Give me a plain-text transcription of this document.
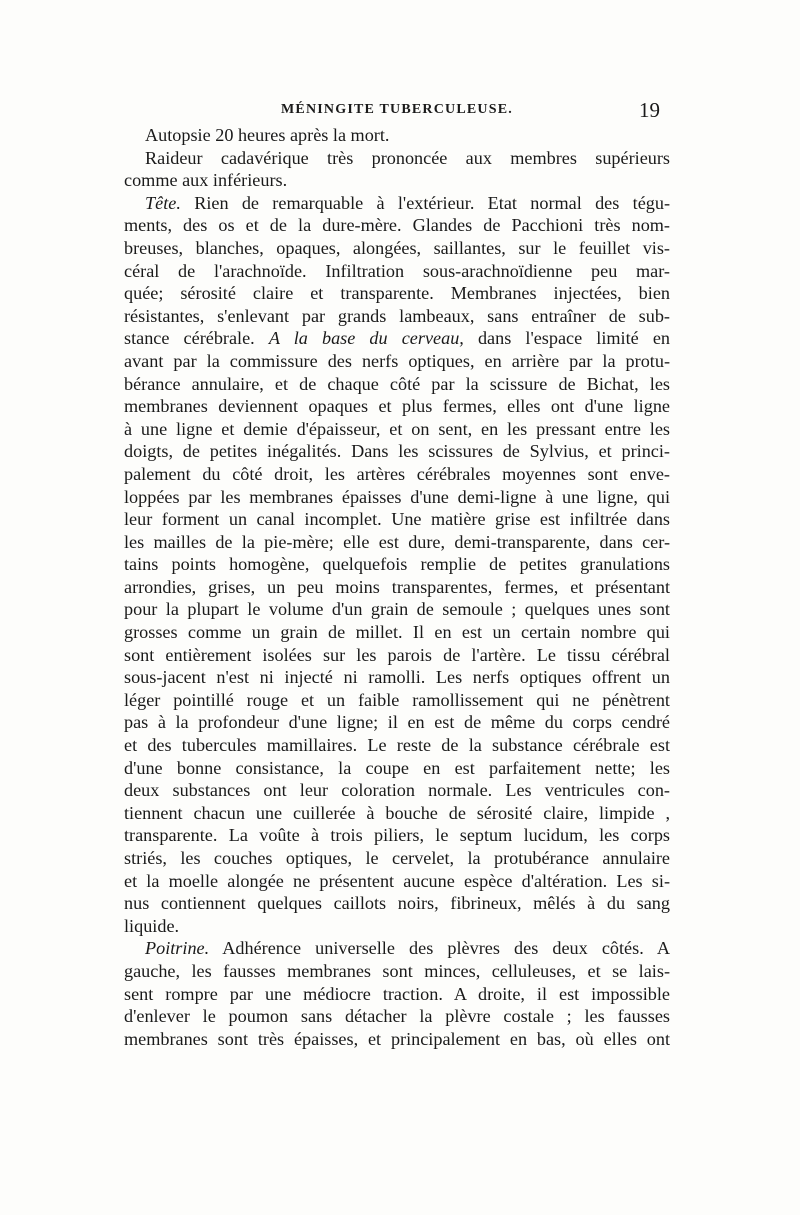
MÉNINGITE TUBERCULEUSE.	19
Autopsie 20 heures après la mort.
Raideur cadavérique très prononcée aux membres supérieurs
comme aux inférieurs.
Tête. Rien de remarquable à l'extérieur. Etat normal des tégu-
ments, des os et de la dure-mère. Glandes de Pacchioni très nom-
breuses, blanches, opaques, alongées, saillantes, sur le feuillet vis-
céral de l'arachnoïde. Infiltration sous-arachnoïdienne peu mar-
quée; sérosité claire et transparente. Membranes injectées, bien
résistantes, s'enlevant par grands lambeaux, sans entraîner de sub-
stance cérébrale. A la base du cerveau, dans l'espace limité en
avant par la commissure des nerfs optiques, en arrière par la protu-
bérance annulaire, et de chaque côté par la scissure de Bichat, les
membranes deviennent opaques et plus fermes, elles ont d'une ligne
à une ligne et demie d'épaisseur, et on sent, en les pressant entre les
doigts, de petites inégalités. Dans les scissures de Sylvius, et princi-
palement du côté droit, les artères cérébrales moyennes sont enve-
loppées par les membranes épaisses d'une demi-ligne à une ligne, qui
leur forment un canal incomplet. Une matière grise est infiltrée dans
les mailles de la pie-mère; elle est dure, demi-transparente, dans cer-
tains points homogène, quelquefois remplie de petites granulations
arrondies, grises, un peu moins transparentes, fermes, et présentant
pour la plupart le volume d'un grain de semoule ; quelques unes sont
grosses comme un grain de millet. Il en est un certain nombre qui
sont entièrement isolées sur les parois de l'artère. Le tissu cérébral
sous-jacent n'est ni injecté ni ramolli. Les nerfs optiques offrent un
léger pointillé rouge et un faible ramollissement qui ne pénètrent
pas à la profondeur d'une ligne; il en est de même du corps cendré
et des tubercules mamillaires. Le reste de la substance cérébrale est
d'une bonne consistance, la coupe en est parfaitement nette; les
deux substances ont leur coloration normale. Les ventricules con-
tiennent chacun une cuillerée à bouche de sérosité claire, limpide ,
transparente. La voûte à trois piliers, le septum lucidum, les corps
striés, les couches optiques, le cervelet, la protubérance annulaire
et la moelle alongée ne présentent aucune espèce d'altération. Les si-
nus contiennent quelques caillots noirs, fibrineux, mêlés à du sang
liquide.
Poitrine. Adhérence universelle des plèvres des deux côtés. A
gauche, les fausses membranes sont minces, celluleuses, et se lais-
sent rompre par une médiocre traction. A droite, il est impossible
d'enlever le poumon sans détacher la plèvre costale ; les fausses
membranes sont très épaisses, et principalement en bas, où elles ont
